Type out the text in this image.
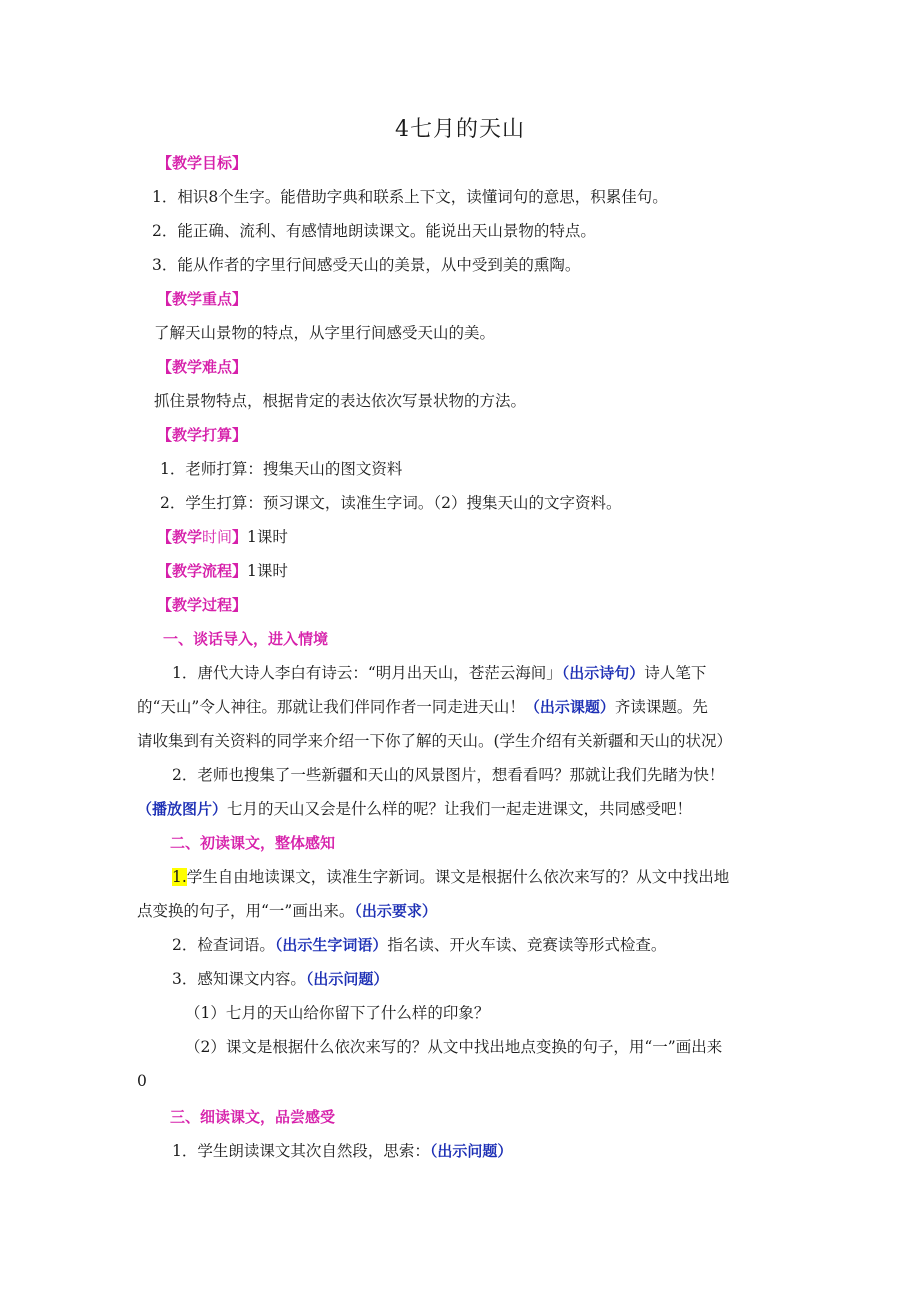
4七月的天山
【教学目标】
1．相识8个生字。能借助字典和联系上下文，读懂词句的意思，积累佳句。
2．能正确、流利、有感情地朗读课文。能说出天山景物的特点。
3．能从作者的字里行间感受天山的美景，从中受到美的熏陶。
【教学重点】
了解天山景物的特点，从字里行间感受天山的美。
【教学难点】
抓住景物特点，根据肯定的表达依次写景状物的方法。
【教学打算】
1．老师打算：搜集天山的图文资料
2．学生打算：预习课文，读准生字词。（2）搜集天山的文字资料。
【教学时间】1课时
【教学流程】1课时
【教学过程】
一、谈话导入，进入情境
1．唐代大诗人李白有诗云：“明月出天山，苍茫云海间」（出示诗句）诗人笔下
的“天山”令人神往。那就让我们伴同作者一同走进天山！（出示课题）齐读课题。先
请收集到有关资料的同学来介绍一下你了解的天山。(学生介绍有关新疆和天山的状况）
2．老师也搜集了一些新疆和天山的风景图片，想看看吗？那就让我们先睹为快！
（播放图片）七月的天山又会是什么样的呢？让我们一起走进课文，共同感受吧！
二、初读课文，整体感知
1.学生自由地读课文，读准生字新词。课文是根据什么依次来写的？从文中找出地
点变换的句子，用“一”画出来。（出示要求）
2．检查词语。（出示生字词语）指名读、开火车读、竞赛读等形式检查。
3．感知课文内容。（出示问题）
（1）七月的天山给你留下了什么样的印象？
（2）课文是根据什么依次来写的？从文中找出地点变换的句子，用“一”画出来
0
三、细读课文，品尝感受
1．学生朗读课文其次自然段，思索：（出示问题）
